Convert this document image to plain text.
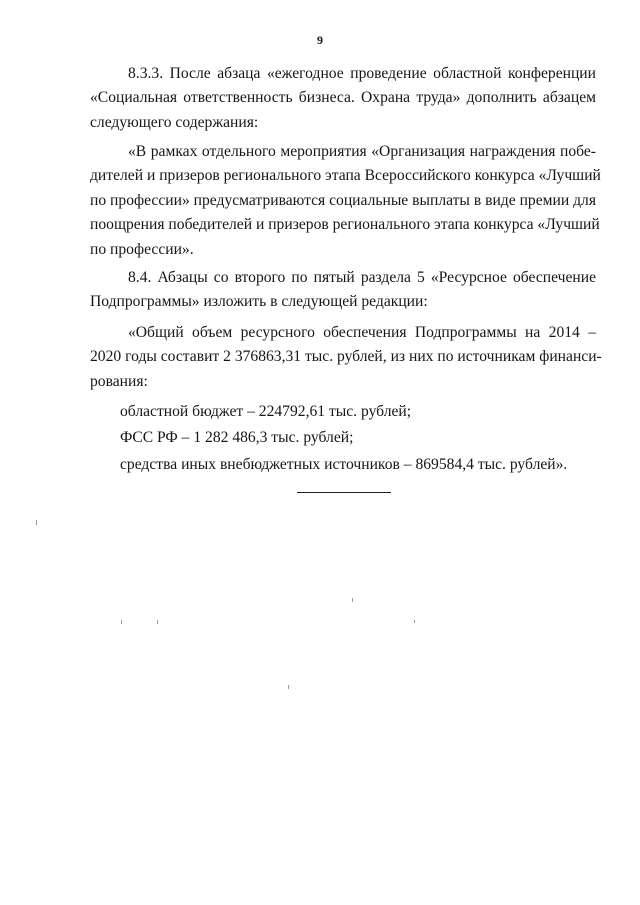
9
8.3.3. После абзаца «ежегодное проведение областной конференции
«Социальная ответственность бизнеса. Охрана труда» дополнить абзацем
следующего содержания:
«В рамках отдельного мероприятия «Организация награждения побе-
дителей и призеров регионального этапа Всероссийского конкурса «Лучший
по профессии» предусматриваются социальные выплаты в виде премии для
поощрения победителей и призеров регионального этапа конкурса «Лучший
по профессии».
8.4. Абзацы со второго по пятый раздела 5 «Ресурсное обеспечение
Подпрограммы» изложить в следующей редакции:
«Общий объем ресурсного обеспечения Подпрограммы на 2014 –
2020 годы составит 2 376863,31 тыс. рублей, из них по источникам финанси-
рования:
областной бюджет – 224792,61 тыс. рублей;
ФСС РФ – 1 282 486,3 тыс. рублей;
средства иных внебюджетных источников – 869584,4 тыс. рублей».
